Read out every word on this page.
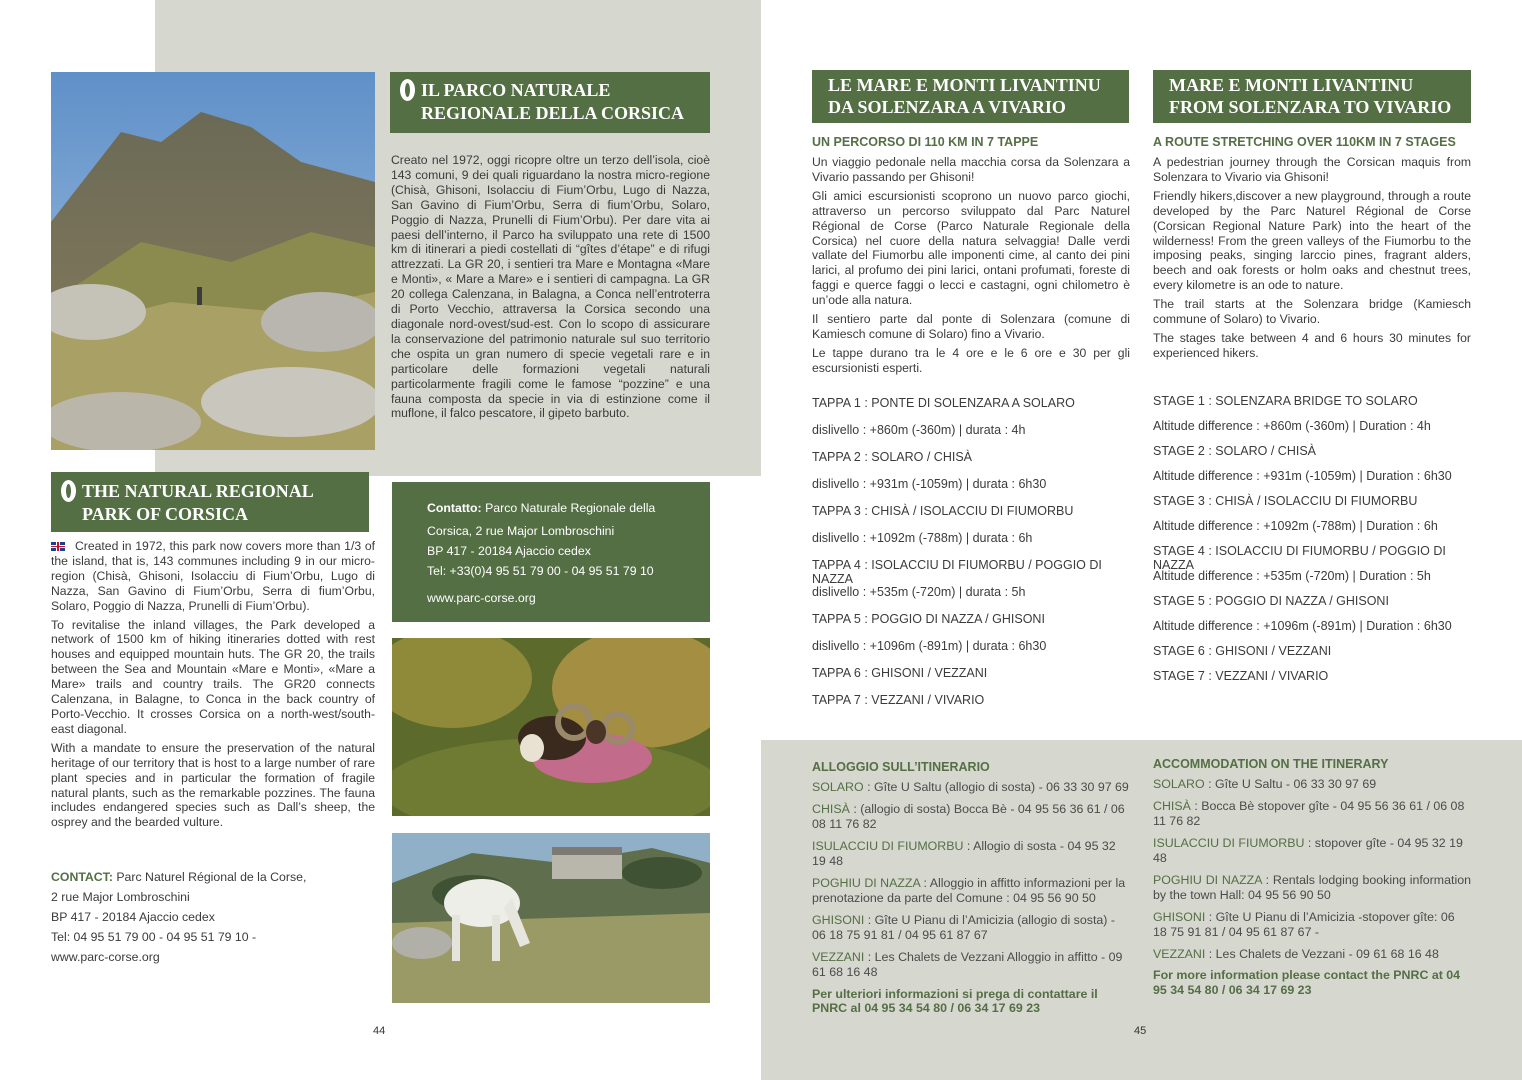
IL PARCO NATURALE
REGIONALE DELLA CORSICA
Creato nel 1972, oggi ricopre oltre un terzo dell’isola, cioè 143 comuni, 9 dei quali riguardano la nostra micro-regione (Chisà, Ghisoni, Isolacciu di Fium’Orbu, Lugo di Nazza, San Gavino di Fium’Orbu, Serra di fium’Orbu, Solaro, Poggio di Nazza, Prunelli di Fium’Orbu). Per dare vita ai paesi dell’interno, il Parco ha sviluppato una rete di 1500 km di itinerari a piedi costellati di “gîtes d’étape” e di rifugi attrezzati. La GR 20, i sentieri tra Mare e Montagna «Mare e Monti», « Mare a Mare» e i sentieri di campagna. La GR 20 collega Calenzana, in Balagna, a Conca nell’entroterra di Porto Vecchio, attraversa la Corsica secondo una diagonale nord-ovest/sud-est. Con lo scopo di assicurare la conservazione del patrimonio naturale sul suo territorio che ospita un gran numero di specie vegetali rare e in particolare delle formazioni vegetali naturali particolarmente fragili come le famose “pozzine” e una fauna composta da specie in via di estinzione come il muflone, il falco pescatore, il gipeto barbuto.
THE NATURAL REGIONAL
PARK OF CORSICA

Created in 1972, this park now covers more than 1/3 of the island, that is, 143 communes including 9 in our micro-region (Chisà, Ghisoni, Isolacciu di Fium’Orbu, Lugo di Nazza, San Gavino di Fium’Orbu, Serra di fium’Orbu, Solaro, Poggio di Nazza, Prunelli di Fium’Orbu).

To revitalise the inland villages, the Park developed a network of 1500 km of hiking itineraries dotted with rest houses and equipped mountain huts. The GR 20, the trails between the Sea and Mountain «Mare e Monti», «Mare a Mare» trails and country trails. The GR20 connects Calenzana, in Balagne, to Conca in the back country of Porto-Vecchio. It crosses Corsica on a north-west/south-east diagonal.

With a mandate to ensure the preservation of the natural heritage of our territory that is host to a large number of rare plant species and in particular the formation of fragile natural plants, such as the remarkable pozzines. The fauna includes endangered species such as Dall’s sheep, the osprey and the bearded vulture.

CONTACT: Parc Naturel Régional de la Corse,
2 rue Major Lombroschini
BP 417 - 20184 Ajaccio cedex
Tel: 04 95 51 79 00 - 04 95 51 79 10 -
www.parc-corse.org
Contatto: Parco Naturale Regionale della
Corsica, 2 rue Major Lombroschini
BP 417 - 20184 Ajaccio cedex
Tel: +33(0)4 95 51 79 00 - 04 95 51 79 10
www.parc-corse.org
44
LE MARE E MONTI LIVANTINU
DA SOLENZARA A VIVARIO
MARE E MONTI LIVANTINU
FROM SOLENZARA TO VIVARIO
UN PERCORSO DI 110 KM IN 7 TAPPE	A ROUTE STRETCHING OVER 110KM IN 7 STAGES

Un viaggio pedonale nella macchia corsa da Solenzara a Vivario passando per Ghisoni!

Gli amici escursionisti scoprono un nuovo parco giochi, attraverso un percorso sviluppato dal Parc Naturel Régional de Corse (Parco Naturale Regionale della Corsica) nel cuore della natura selvaggia! Dalle verdi vallate del Fiumorbu alle imponenti cime, al canto dei pini larici, al profumo dei pini larici, ontani profumati, foreste di faggi e querce faggi o lecci e castagni, ogni chilometro è un’ode alla natura.

Il sentiero parte dal ponte di Solenzara (comune di Kamiesch comune di Solaro) fino a Vivario.

Le tappe durano tra le 4 ore e le 6 ore e 30 per gli escursionisti esperti.

A pedestrian journey through the Corsican maquis from Solenzara to Vivario via Ghisoni!

Friendly hikers,discover a new playground, through a route developed by the Parc Naturel Régional de Corse (Corsican Regional Nature Park) into the heart of the wilderness! From the green valleys of the Fiumorbu to the imposing peaks, singing larccio pines, fragrant alders, beech and oak forests or holm oaks and chestnut trees, every kilometre is an ode to nature.

The trail starts at the Solenzara bridge (Kamiesch commune of Solaro) to Vivario.

The stages take between 4 and 6 hours 30 minutes for experienced hikers.

TAPPA 1 : PONTE DI SOLENZARA A SOLARO
dislivello : +860m (-360m) | durata : 4h
TAPPA 2 : SOLARO / CHISÀ
dislivello : +931m (-1059m) | durata : 6h30
TAPPA 3 : CHISÀ / ISOLACCIU DI FIUMORBU
dislivello : +1092m (-788m) | durata : 6h
TAPPA 4 : ISOLACCIU DI FIUMORBU / POGGIO DI NAZZA
dislivello : +535m (-720m) | durata : 5h
TAPPA 5 : POGGIO DI NAZZA / GHISONI
dislivello : +1096m (-891m) | durata : 6h30
TAPPA 6 : GHISONI / VEZZANI
TAPPA 7 : VEZZANI / VIVARIO
STAGE 1 : SOLENZARA BRIDGE TO SOLARO
Altitude difference : +860m (-360m) | Duration : 4h
STAGE 2 : SOLARO / CHISÀ
Altitude difference : +931m (-1059m) | Duration : 6h30
STAGE 3 : CHISÀ / ISOLACCIU DI FIUMORBU
Altitude difference : +1092m (-788m) | Duration : 6h
STAGE 4 : ISOLACCIU DI FIUMORBU / POGGIO DI NAZZA
Altitude difference : +535m (-720m) | Duration : 5h
STAGE 5 : POGGIO DI NAZZA / GHISONI
Altitude difference : +1096m (-891m) | Duration : 6h30
STAGE 6 : GHISONI / VEZZANI
STAGE 7 : VEZZANI / VIVARIO
ALLOGGIO SULL’ITINERARIO

SOLARO : Gîte U Saltu (allogio di sosta) - 06 33 30 97 69

CHISÀ : (allogio di sosta) Bocca Bè - 04 95 56 36 61 / 06 08 11 76 82

ISULACCIU DI FIUMORBU : Allogio di sosta - 04 95 32 19 48

POGHIU DI NAZZA : Alloggio in affitto informazioni per la prenotazione da parte del Comune : 04 95 56 90 50

GHISONI : Gîte U Pianu di l’Amicizia (allogio di sosta) - 06 18 75 91 81 / 04 95 61 87 67

VEZZANI : Les Chalets de Vezzani Alloggio in affitto - 09 61 68 16 48

Per ulteriori informazioni si prega di contattare il PNRC al 04 95 34 54 80 / 06 34 17 69 23

ACCOMMODATION ON THE ITINERARY

SOLARO : Gîte U Saltu - 06 33 30 97 69

CHISÀ : Bocca Bè stopover gîte - 04 95 56 36 61 / 06 08 11 76 82

ISULACCIU DI FIUMORBU : stopover gîte - 04 95 32 19 48

POGHIU DI NAZZA : Rentals lodging booking information by the town Hall: 04 95 56 90 50

GHISONI : Gîte U Pianu di l’Amicizia -stopover gîte: 06 18 75 91 81 / 04 95 61 87 67 -

VEZZANI : Les Chalets de Vezzani - 09 61 68 16 48

For more information please contact the PNRC at 04 95 34 54 80 / 06 34 17 69 23

45
